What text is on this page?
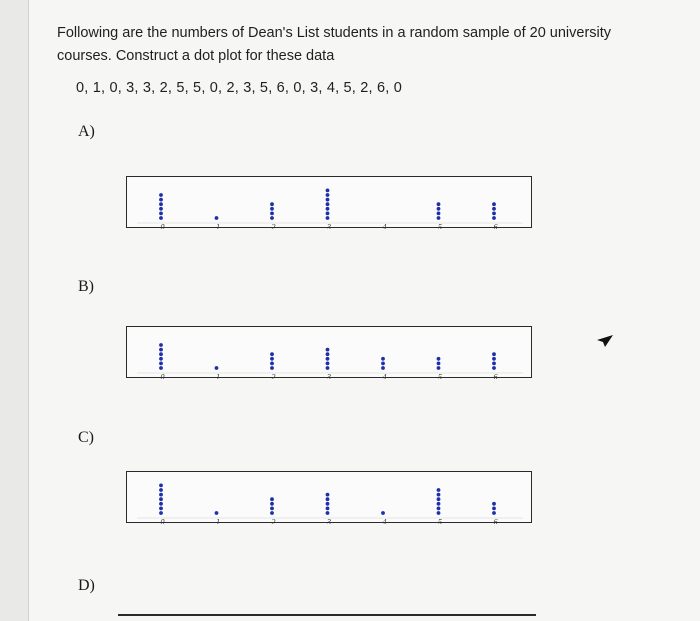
Following are the numbers of Dean's List students in a random sample of 20 university courses. Construct a dot plot for these data

0, 1, 0, 3, 3, 2, 5, 5, 0, 2, 3, 5, 6, 0, 3, 4, 5, 2, 6, 0
A)
0	1	2	3	4	5	6
B)
0	1	2	3	4	5	6
C)
0	1	2	3	4	5	6
D)
